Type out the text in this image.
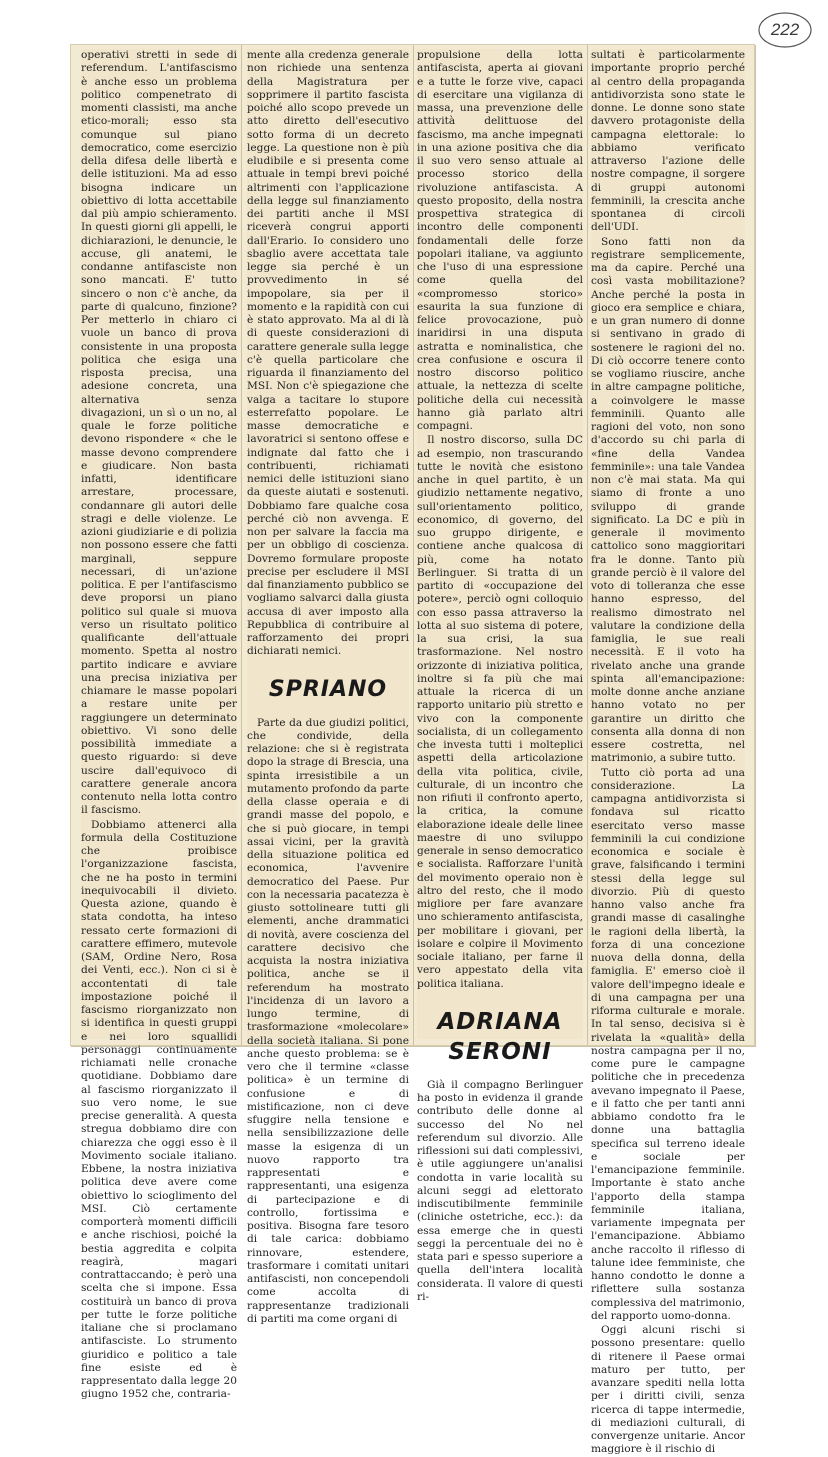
222

operativi stretti in sede di referendum. L'antifascismo è anche esso un problema politico compenetrato di momenti classisti, ma anche etico-morali; esso sta comunque sul piano democratico, come esercizio della difesa delle libertà e delle istituzioni. Ma ad esso bisogna indicare un obiettivo di lotta accettabile dal più ampio schieramento. In questi giorni gli appelli, le dichiarazioni, le denuncie, le accuse, gli anatemi, le condanne antifasciste non sono mancati. E' tutto sincero o non c'è anche, da parte di qualcuno, finzione? Per metterlo in chiaro ci vuole un banco di prova consistente in una proposta politica che esiga una risposta precisa, una adesione concreta, una alternativa senza divagazioni, un sì o un no, al quale le forze politiche devono rispondere « che le masse devono comprendere e giudicare. Non basta infatti, identificare arrestare, processare, condannare gli autori delle stragi e delle violenze. Le azioni giudiziarie e di polizia non possono essere che fatti marginali, seppure necessari, di un'azione politica. E per l'antifascismo deve proporsi un piano politico sul quale si muova verso un risultato politico qualificante dell'attuale momento. Spetta al nostro partito indicare e avviare una precisa iniziativa per chiamare le masse popolari a restare unite per raggiungere un determinato obiettivo. Vi sono delle possibilità immediate a questo riguardo: si deve uscire dall'equivoco di carattere generale ancora contenuto nella lotta contro il fascismo.

Dobbiamo attenerci alla formula della Costituzione che proibisce l'organizzazione fascista, che ne ha posto in termini inequivocabili il divieto. Questa azione, quando è stata condotta, ha inteso ressato certe formazioni di carattere effimero, mutevole (SAM, Ordine Nero, Rosa dei Venti, ecc.). Non ci si è accontentati di tale impostazione poiché il fascismo riorganizzato non si identifica in questi gruppi e nei loro squallidi personaggi continuamente richiamati nelle cronache quotidiane. Dobbiamo dare al fascismo riorganizzato il suo vero nome, le sue precise generalità. A questa stregua dobbiamo dire con chiarezza che oggi esso è il Movimento sociale italiano. Ebbene, la nostra iniziativa politica deve avere come obiettivo lo scioglimento del MSI. Ciò certamente comporterà momenti difficili e anche rischiosi, poiché la bestia aggredita e colpita reagirà, magari contrattaccando; è però una scelta che si impone. Essa costituirà un banco di prova per tutte le forze politiche italiane che si proclamano antifasciste. Lo strumento giuridico e politico a tale fine esiste ed è rappresentato dalla legge 20 giugno 1952 che, contraria-

mente alla credenza generale non richiede una sentenza della Magistratura per sopprimere il partito fascista poiché allo scopo prevede un atto diretto dell'esecutivo sotto forma di un decreto legge. La questione non è più eludibile e si presenta come attuale in tempi brevi poiché altrimenti con l'applicazione della legge sul finanziamento dei partiti anche il MSI riceverà congrui apporti dall'Erario. Io considero uno sbaglio avere accettata tale legge sia perché è un provvedimento in sé impopolare, sia per il momento e la rapidità con cui è stato approvato. Ma al di là di queste considerazioni di carattere generale sulla legge c'è quella particolare che riguarda il finanziamento del MSI. Non c'è spiegazione che valga a tacitare lo stupore esterrefatto popolare. Le masse democratiche e lavoratrici si sentono offese e indignate dal fatto che i contribuenti, richiamati nemici delle istituzioni siano da queste aiutati e sostenuti. Dobbiamo fare qualche cosa perché ciò non avvenga. E non per salvare la faccia ma per un obbligo di coscienza. Dovremo formulare proposte precise per escludere il MSI dal finanziamento pubblico se vogliamo salvarci dalla giusta accusa di aver imposto alla Repubblica di contribuire al rafforzamento dei propri dichiarati nemici.

SPRIANO

Parte da due giudizi politici, che condivide, della relazione: che si è registrata dopo la strage di Brescia, una spinta irresistibile a un mutamento profondo da parte della classe operaia e di grandi masse del popolo, e che si può giocare, in tempi assai vicini, per la gravità della situazione politica ed economica, l'avvenire democratico del Paese. Pur con la necessaria pacatezza è giusto sottolineare tutti gli elementi, anche drammatici di novità, avere coscienza del carattere decisivo che acquista la nostra iniziativa politica, anche se il referendum ha mostrato l'incidenza di un lavoro a lungo termine, di trasformazione «molecolare» della società italiana. Si pone anche questo problema: se è vero che il termine «classe politica» è un termine di confusione e di mistificazione, non ci deve sfuggire nella tensione e nella sensibilizzazione delle masse la esigenza di un nuovo rapporto tra rappresentati e rappresentanti, una esigenza di partecipazione e di controllo, fortissima e positiva. Bisogna fare tesoro di tale carica: dobbiamo rinnovare, estendere, trasformare i comitati unitari antifascisti, non concependoli come accolta di rappresentanze tradizionali di partiti ma come organi di

propulsione della lotta antifascista, aperta ai giovani e a tutte le forze vive, capaci di esercitare una vigilanza di massa, una prevenzione delle attività delittuose del fascismo, ma anche impegnati in una azione positiva che dia il suo vero senso attuale al processo storico della rivoluzione antifascista. A questo proposito, della nostra prospettiva strategica di incontro delle componenti fondamentali delle forze popolari italiane, va aggiunto che l'uso di una espressione come quella del «compromesso storico» esaurita la sua funzione di felice provocazione, può inaridirsi in una disputa astratta e nominalistica, che crea confusione e oscura il nostro discorso politico attuale, la nettezza di scelte politiche della cui necessità hanno già parlato altri compagni.

Il nostro discorso, sulla DC ad esempio, non trascurando tutte le novità che esistono anche in quel partito, è un giudizio nettamente negativo, sull'orientamento politico, economico, di governo, del suo gruppo dirigente, e contiene anche qualcosa di più, come ha notato Berlinguer. Si tratta di un partito di «occupazione del potere», perciò ogni colloquio con esso passa attraverso la lotta al suo sistema di potere, la sua crisi, la sua trasformazione. Nel nostro orizzonte di iniziativa politica, inoltre si fa più che mai attuale la ricerca di un rapporto unitario più stretto e vivo con la componente socialista, di un collegamento che investa tutti i molteplici aspetti della articolazione della vita politica, civile, culturale, di un incontro che non rifiuti il confronto aperto, la critica, la comune elaborazione ideale delle linee maestre di uno sviluppo generale in senso democratico e socialista. Rafforzare l'unità del movimento operaio non è altro del resto, che il modo migliore per fare avanzare uno schieramento antifascista, per mobilitare i giovani, per isolare e colpire il Movimento sociale italiano, per farne il vero appestato della vita politica italiana.

ADRIANA
SERONI

Già il compagno Berlinguer ha posto in evidenza il grande contributo delle donne al successo del No nel referendum sul divorzio. Alle riflessioni sui dati complessivi, è utile aggiungere un'analisi condotta in varie località su alcuni seggi ad elettorato indiscutibilmente femminile (cliniche ostetriche, ecc.): da essa emerge che in questi seggi la percentuale dei no è stata pari e spesso superiore a quella dell'intera località considerata. Il valore di questi ri-

sultati è particolarmente importante proprio perché al centro della propaganda antidivorzista sono state le donne. Le donne sono state davvero protagoniste della campagna elettorale: lo abbiamo verificato attraverso l'azione delle nostre compagne, il sorgere di gruppi autonomi femminili, la crescita anche spontanea di circoli dell'UDI.

Sono fatti non da registrare semplicemente, ma da capire. Perché una così vasta mobilitazione? Anche perché la posta in gioco era semplice e chiara, e un gran numero di donne si sentivano in grado di sostenere le ragioni del no. Di ciò occorre tenere conto se vogliamo riuscire, anche in altre campagne politiche, a coinvolgere le masse femminili. Quanto alle ragioni del voto, non sono d'accordo su chi parla di «fine della Vandea femminile»: una tale Vandea non c'è mai stata. Ma qui siamo di fronte a uno sviluppo di grande significato. La DC e più in generale il movimento cattolico sono maggioritari fra le donne. Tanto più grande perciò è il valore del voto di tolleranza che esse hanno espresso, del realismo dimostrato nel valutare la condizione della famiglia, le sue reali necessità. E il voto ha rivelato anche una grande spinta all'emancipazione: molte donne anche anziane hanno votato no per garantire un diritto che consenta alla donna di non essere costretta, nel matrimonio, a subire tutto.

Tutto ciò porta ad una considerazione. La campagna antidivorzista si fondava sul ricatto esercitato verso masse femminili la cui condizione economica e sociale è grave, falsificando i termini stessi della legge sul divorzio. Più di questo hanno valso anche fra grandi masse di casalinghe le ragioni della libertà, la forza di una concezione nuova della donna, della famiglia. E' emerso cioè il valore dell'impegno ideale e di una campagna per una riforma culturale e morale. In tal senso, decisiva si è rivelata la «qualità» della nostra campagna per il no, come pure le campagne politiche che in precedenza avevano impegnato il Paese, e il fatto che per tanti anni abbiamo condotto fra le donne una battaglia specifica sul terreno ideale e sociale per l'emancipazione femminile. Importante è stato anche l'apporto della stampa femminile italiana, variamente impegnata per l'emancipazione. Abbiamo anche raccolto il riflesso di talune idee femministe, che hanno condotto le donne a riflettere sulla sostanza complessiva del matrimonio, del rapporto uomo-donna.

Oggi alcuni rischi si possono presentare: quello di ritenere il Paese ormai maturo per tutto, per avanzare spediti nella lotta per i diritti civili, senza ricerca di tappe intermedie, di mediazioni culturali, di convergenze unitarie. Ancor maggiore è il rischio di
